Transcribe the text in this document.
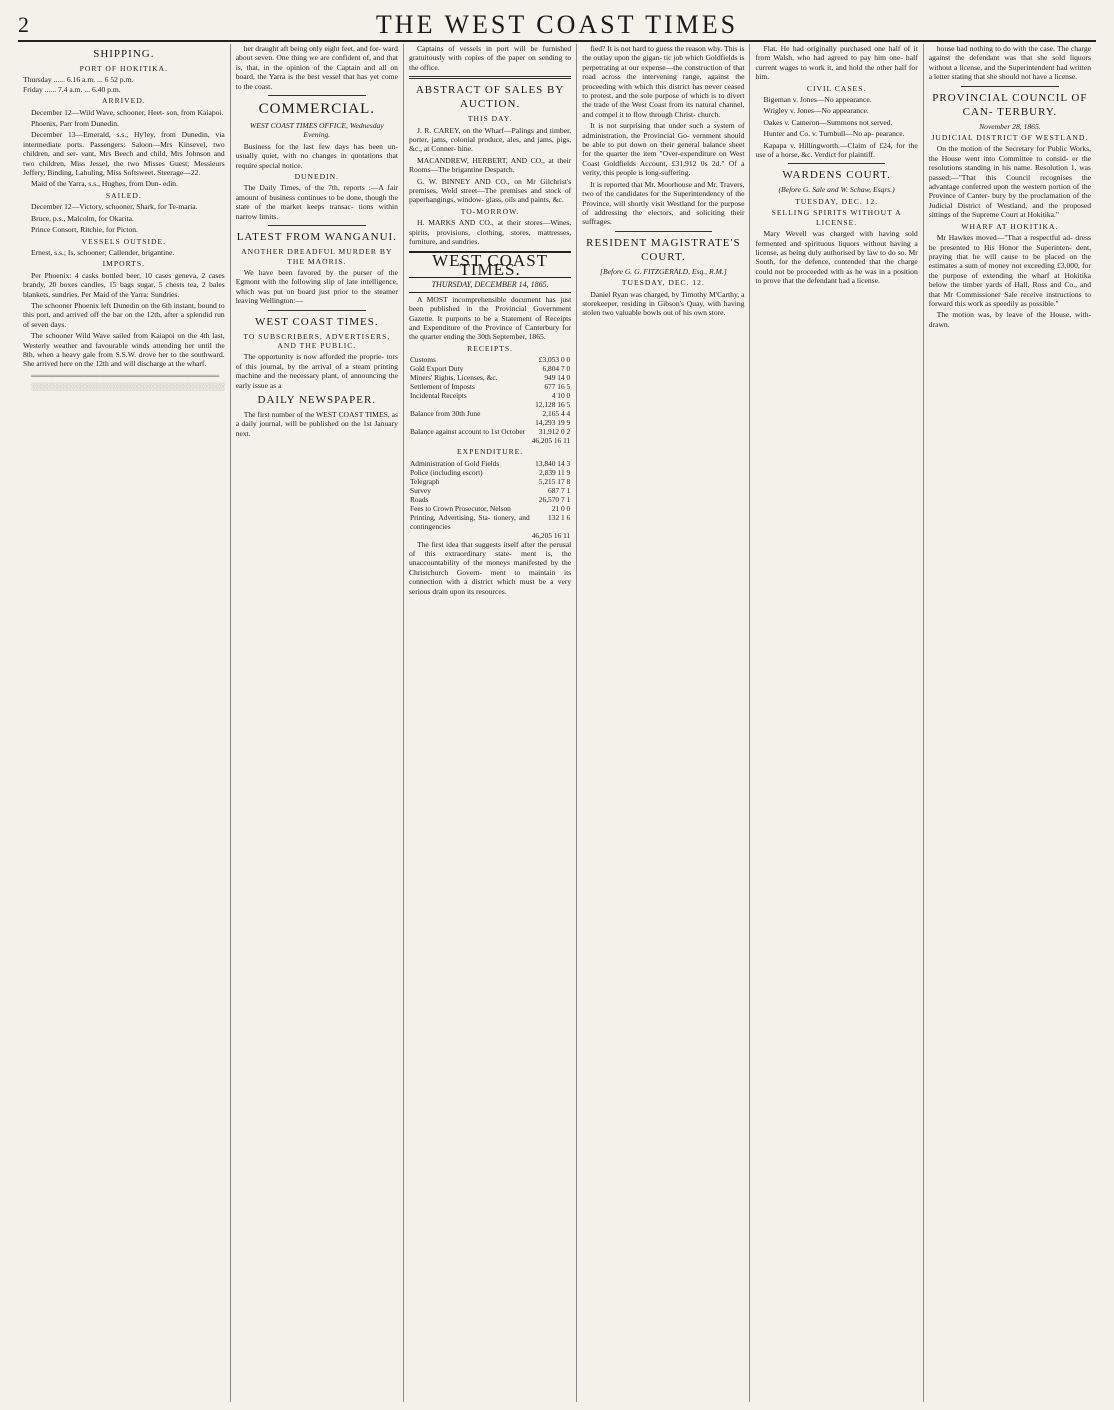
2	THE WEST COAST TIMES
SHIPPING.
PORT OF HOKITIKA.
Thursday ...... 6.16 a.m. ... 6 52 p.m.
Friday ...... 7.4 a.m. ... 6.40 p.m.
ARRIVED.

December 12—Wild Wave, schooner, Heet- son, from Kaiapoi.

Phoenix, Parr from Dunedin.

December 13—Emerald, s.s., Hy'ley, from Dunedin, via intermediate ports. Passengers: Saloon—Mrs Kinsevel, two children, and ser- vant, Mrs Beech and child, Mrs Johnson and two children, Miss Jessel, the two Misses Guest; Messieurs Jeffery, Binding, Lahuling, Miss Softsweet. Steerage—22.

Maid of the Yarra, s.s., Hughes, from Dun- edin.

SAILED.

December 12—Victory, schooner, Shark, for Te-maria.

Bruce, p.s., Malcolm, for Okarita.

Prince Consort, Ritchie, for Picton.

VESSELS OUTSIDE.

Ernest, s.s.; Is, schooner; Callender, brigantine.

IMPORTS.

Per Phoenix: 4 casks bottled beer, 10 cases geneva, 2 cases brandy, 20 boxes candles, 15 bags sugar, 5 chests tea, 2 bales blankets, sundries. Per Maid of the Yarra: Sundries.

The schooner Phoenix left Dunedin on the 6th instant, bound to this port, and arrived off the bar on the 12th, after a splendid run of seven days.

The schooner Wild Wave sailed from Kaiapoi on the 4th last, Westerly weather and favourable winds attending her until the 8th, when a heavy gale from S.S.W. drove her to the southward. She arrived here on the 12th and will discharge at the wharf.

═══════════════════════════════════

░░░░░░░░░░░░░░░░░░░░░░░░░░░░░░░░░░░░

her draught aft being only eight feet, and for- ward about seven. One thing we are confident of, and that is, that, in the opinion of the Captain and all on board, the Yarra is the best vessel that has yet come to the coast.

COMMERCIAL.
WEST COAST TIMES OFFICE, Wednesday Evening.

Business for the last few days has been un- usually quiet, with no changes in quotations that require special notice.

DUNEDIN.

The Daily Times, of the 7th, reports :—A fair amount of business continues to be done, though the state of the market keeps transac- tions within narrow limits.

LATEST FROM WANGANUI.
ANOTHER DREADFUL MURDER BY THE MAORIS.

We have been favored by the purser of the Egmont with the following slip of late intelligence, which was put on board just prior to the steamer leaving Wellington:—

WEST COAST TIMES.
TO SUBSCRIBERS, ADVERTISERS, AND THE PUBLIC.

The opportunity is now afforded the proprie- tors of this journal, by the arrival of a steam printing machine and the necessary plant, of announcing the early issue as a

DAILY NEWSPAPER.

The first number of the WEST COAST TIMES, as a daily journal, will be published on the 1st January next.

Captains of vessels in port will be furnished gratuitously with copies of the paper on sending to the office.

ABSTRACT OF SALES BY AUCTION.
THIS DAY.

J. R. CAREY, on the Wharf—Palings and timber, porter, jams, colonial produce, ales, and jams, pigs, &c., at Conner- hine.

MACANDREW, HERBERT, AND CO., at their Rooms—The brigantine Despatch.

G. W. BINNEY AND CO., on Mr Gilchrist's premises, Weld street—The premises and stock of paperhangings, window- glass, oils and paints, &c.

TO-MORROW.

H. MARKS AND CO., at their stores—Wines, spirits, provisions, clothing, stores, mattresses, furniture, and sundries.

WEST COAST TIMES.
THURSDAY, DECEMBER 14, 1865.

A MOST incomprehensible document has just been published in the Provincial Government Gazette. It purports to be a Statement of Receipts and Expenditure of the Province of Canterbury for the quarter ending the 30th September, 1865.

RECEIPTS.
Customs	£3,053 0 0
Gold Export Duty	6,804 7 0
Miners' Rights, Licenses, &c.	949 14 0
Settlement of Imposts	677 16 5
Incidental Receipts	4 10 0
	12,128 16 5
Balance from 30th June	2,165 4 4
	14,293 19 9
Balance against account to 1st October	31,912 0 2
	46,205 16 11
EXPENDITURE.
Administration of Gold Fields	13,840 14 3
Police (including escort)	2,839 11 9
Telegraph	5,215 17 8
Survey	687 7 1
Roads	26,570 7 1
Fees to Crown Prosecutor, Nelson	21 0 0
Printing, Advertising, Sta- tionery, and contingencies	132 1 6
	46,205 16 11

The first idea that suggests itself after the perusal of this extraordinary state- ment is, the unaccountability of the moneys manifested by the Christchurch Govern- ment to maintain its connection with a district which must be a very serious drain upon its resources.

fied? It is not hard to guess the reason why. This is the outlay upon the gigan- tic job which Goldfields is perpetrating at our expense—the construction of that road across the intervening range, against the proceeding with which this district has never ceased to protest, and the sole purpose of which is to divert the trade of the West Coast from its natural channel, and compel it to flow through Christ- church.

It is not surprising that under such a system of administration, the Provincial Go- vernment should be able to put down on their general balance sheet for the quarter the item "Over-expenditure on West Coast Goldfields Account, £31,912 0s 2d." Of a verity, this people is long-suffering.

It is reported that Mr. Moorhouse and Mr. Travers, two of the candidates for the Superintendency of the Province, will shortly visit Westland for the purpose of addressing the electors, and soliciting their suffrages.

RESIDENT MAGISTRATE'S COURT.
[Before G. G. FITZGERALD, Esq., R.M.]
TUESDAY, DEC. 12.

Daniel Ryan was charged, by Timothy M'Carthy, a storekeeper, residing in Gibson's Quay, with having stolen two valuable bowls out of his own store.

Flat. He had originally purchased one half of it from Walsh, who had agreed to pay him one- half current wages to work it, and hold the other half for him.

CIVIL CASES.

Bigeman v. Jones—No appearance.

Wrigley v. Jones—No appearance.

Oakes v. Cameron—Summons not served.

Hunter and Co. v. Turnbull—No ap- pearance.

Kapapa v. Hillingworth.—Claim of £24, for the use of a horse, &c. Verdict for plaintiff.

WARDENS COURT.
(Before G. Sale and W. Schaw, Esqrs.)
TUESDAY, DEC. 12.
SELLING SPIRITS WITHOUT A LICENSE.

Mary Wevell was charged with having sold fermented and spirituous liquors without having a license, as being duly authorised by law to do so. Mr South, for the defence, contended that the charge could not be proceeded with as he was in a position to prove that the defendant had a license.

house had nothing to do with the case. The charge against the defendant was that she sold liquors without a license, and the Superintendent had written a letter stating that she should not have a license.

PROVINCIAL COUNCIL OF CAN- TERBURY.
November 28, 1865.
JUDICIAL DISTRICT OF WESTLAND.

On the motion of the Secretary for Public Works, the House went into Committee to consid- er the resolutions standing in his name. Resolution 1, was passed:—"That this Council recognises the advantage conferred upon the western portion of the Province of Canter- bury by the proclamation of the Judicial District of Westland, and the proposed sittings of the Supreme Court at Hokitika."

WHARF AT HOKITIKA.

Mr Hawkes moved—"That a respectful ad- dress be presented to His Honor the Superinten- dent, praying that he will cause to be placed on the estimates a sum of money not exceeding £3,000, for the purpose of extending the wharf at Hokitika below the timber yards of Hall, Ross and Co., and that Mr Commissioner Sale receive instructions to forward this work as speedily as possible."

The motion was, by leave of the House, with- drawn.
